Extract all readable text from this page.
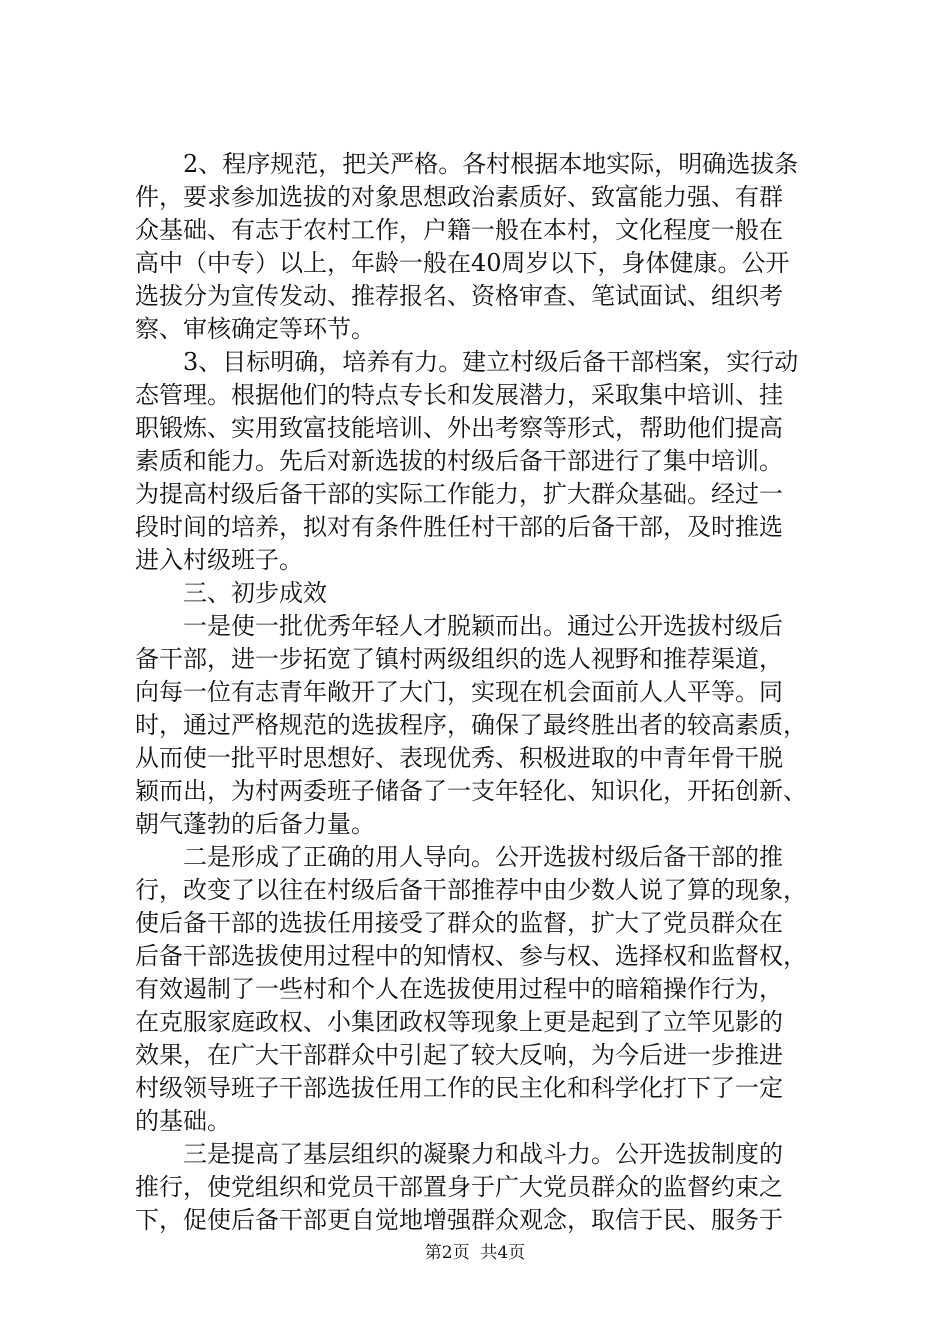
2、程序规范，把关严格。各村根据本地实际，明确选拔条
件，要求参加选拔的对象思想政治素质好、致富能力强、有群
众基础、有志于农村工作，户籍一般在本村，文化程度一般在
高中（中专）以上，年龄一般在40周岁以下，身体健康。公开
选拔分为宣传发动、推荐报名、资格审查、笔试面试、组织考
察、审核确定等环节。
3、目标明确，培养有力。建立村级后备干部档案，实行动
态管理。根据他们的特点专长和发展潜力，采取集中培训、挂
职锻炼、实用致富技能培训、外出考察等形式，帮助他们提高
素质和能力。先后对新选拔的村级后备干部进行了集中培训。
为提高村级后备干部的实际工作能力，扩大群众基础。经过一
段时间的培养，拟对有条件胜任村干部的后备干部，及时推选
进入村级班子。
三、初步成效
一是使一批优秀年轻人才脱颖而出。通过公开选拔村级后
备干部，进一步拓宽了镇村两级组织的选人视野和推荐渠道，
向每一位有志青年敞开了大门，实现在机会面前人人平等。同
时，通过严格规范的选拔程序，确保了最终胜出者的较高素质，
从而使一批平时思想好、表现优秀、积极进取的中青年骨干脱
颖而出，为村两委班子储备了一支年轻化、知识化，开拓创新、
朝气蓬勃的后备力量。
二是形成了正确的用人导向。公开选拔村级后备干部的推
行，改变了以往在村级后备干部推荐中由少数人说了算的现象，
使后备干部的选拔任用接受了群众的监督，扩大了党员群众在
后备干部选拔使用过程中的知情权、参与权、选择权和监督权，
有效遏制了一些村和个人在选拔使用过程中的暗箱操作行为，
在克服家庭政权、小集团政权等现象上更是起到了立竿见影的
效果，在广大干部群众中引起了较大反响，为今后进一步推进
村级领导班子干部选拔任用工作的民主化和科学化打下了一定
的基础。
三是提高了基层组织的凝聚力和战斗力。公开选拔制度的
推行，使党组织和党员干部置身于广大党员群众的监督约束之
下，促使后备干部更自觉地增强群众观念，取信于民、服务于
第2页  共4页
